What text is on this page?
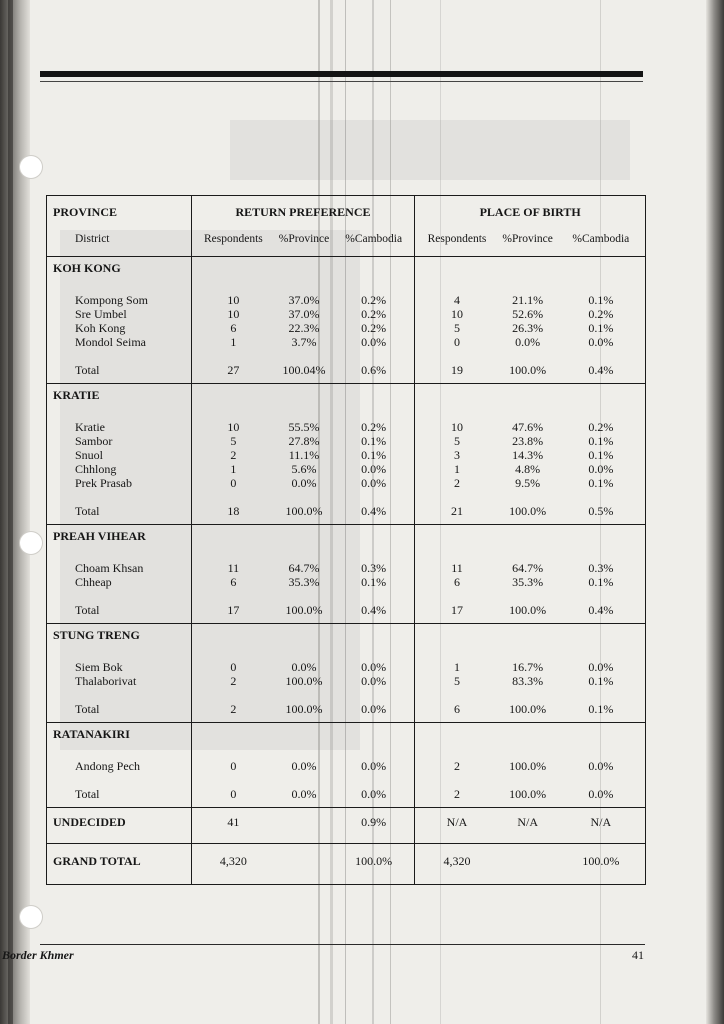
PROVINCE	RETURN PREFERENCE			PLACE OF BIRTH		
District	Respondents	%Province	%Cambodia	Respondents	%Province	%Cambodia
KOH KONG						

Kompong Som	10	37.0%	0.2%	4	21.1%	0.1%
Sre Umbel	10	37.0%	0.2%	10	52.6%	0.2%
Koh Kong	6	22.3%	0.2%	5	26.3%	0.1%
Mondol Seima	1	3.7%	0.0%	0	0.0%	0.0%

Total	27	100.04%	0.6%	19	100.0%	0.4%
KRATIE						

Kratie	10	55.5%	0.2%	10	47.6%	0.2%
Sambor	5	27.8%	0.1%	5	23.8%	0.1%
Snuol	2	11.1%	0.1%	3	14.3%	0.1%
Chhlong	1	5.6%	0.0%	1	4.8%	0.0%
Prek Prasab	0	0.0%	0.0%	2	9.5%	0.1%

Total	18	100.0%	0.4%	21	100.0%	0.5%
PREAH VIHEAR						

Choam Khsan	11	64.7%	0.3%	11	64.7%	0.3%
Chheap	6	35.3%	0.1%	6	35.3%	0.1%

Total	17	100.0%	0.4%	17	100.0%	0.4%
STUNG TRENG						

Siem Bok	0	0.0%	0.0%	1	16.7%	0.0%
Thalaborivat	2	100.0%	0.0%	5	83.3%	0.1%

Total	2	100.0%	0.0%	6	100.0%	0.1%
RATANAKIRI						

Andong Pech	0	0.0%	0.0%	2	100.0%	0.0%

Total	0	0.0%	0.0%	2	100.0%	0.0%
UNDECIDED	41		0.9%	N/A	N/A	N/A
GRAND TOTAL	4,320		100.0%	4,320		100.0%
Border Khmer	41
